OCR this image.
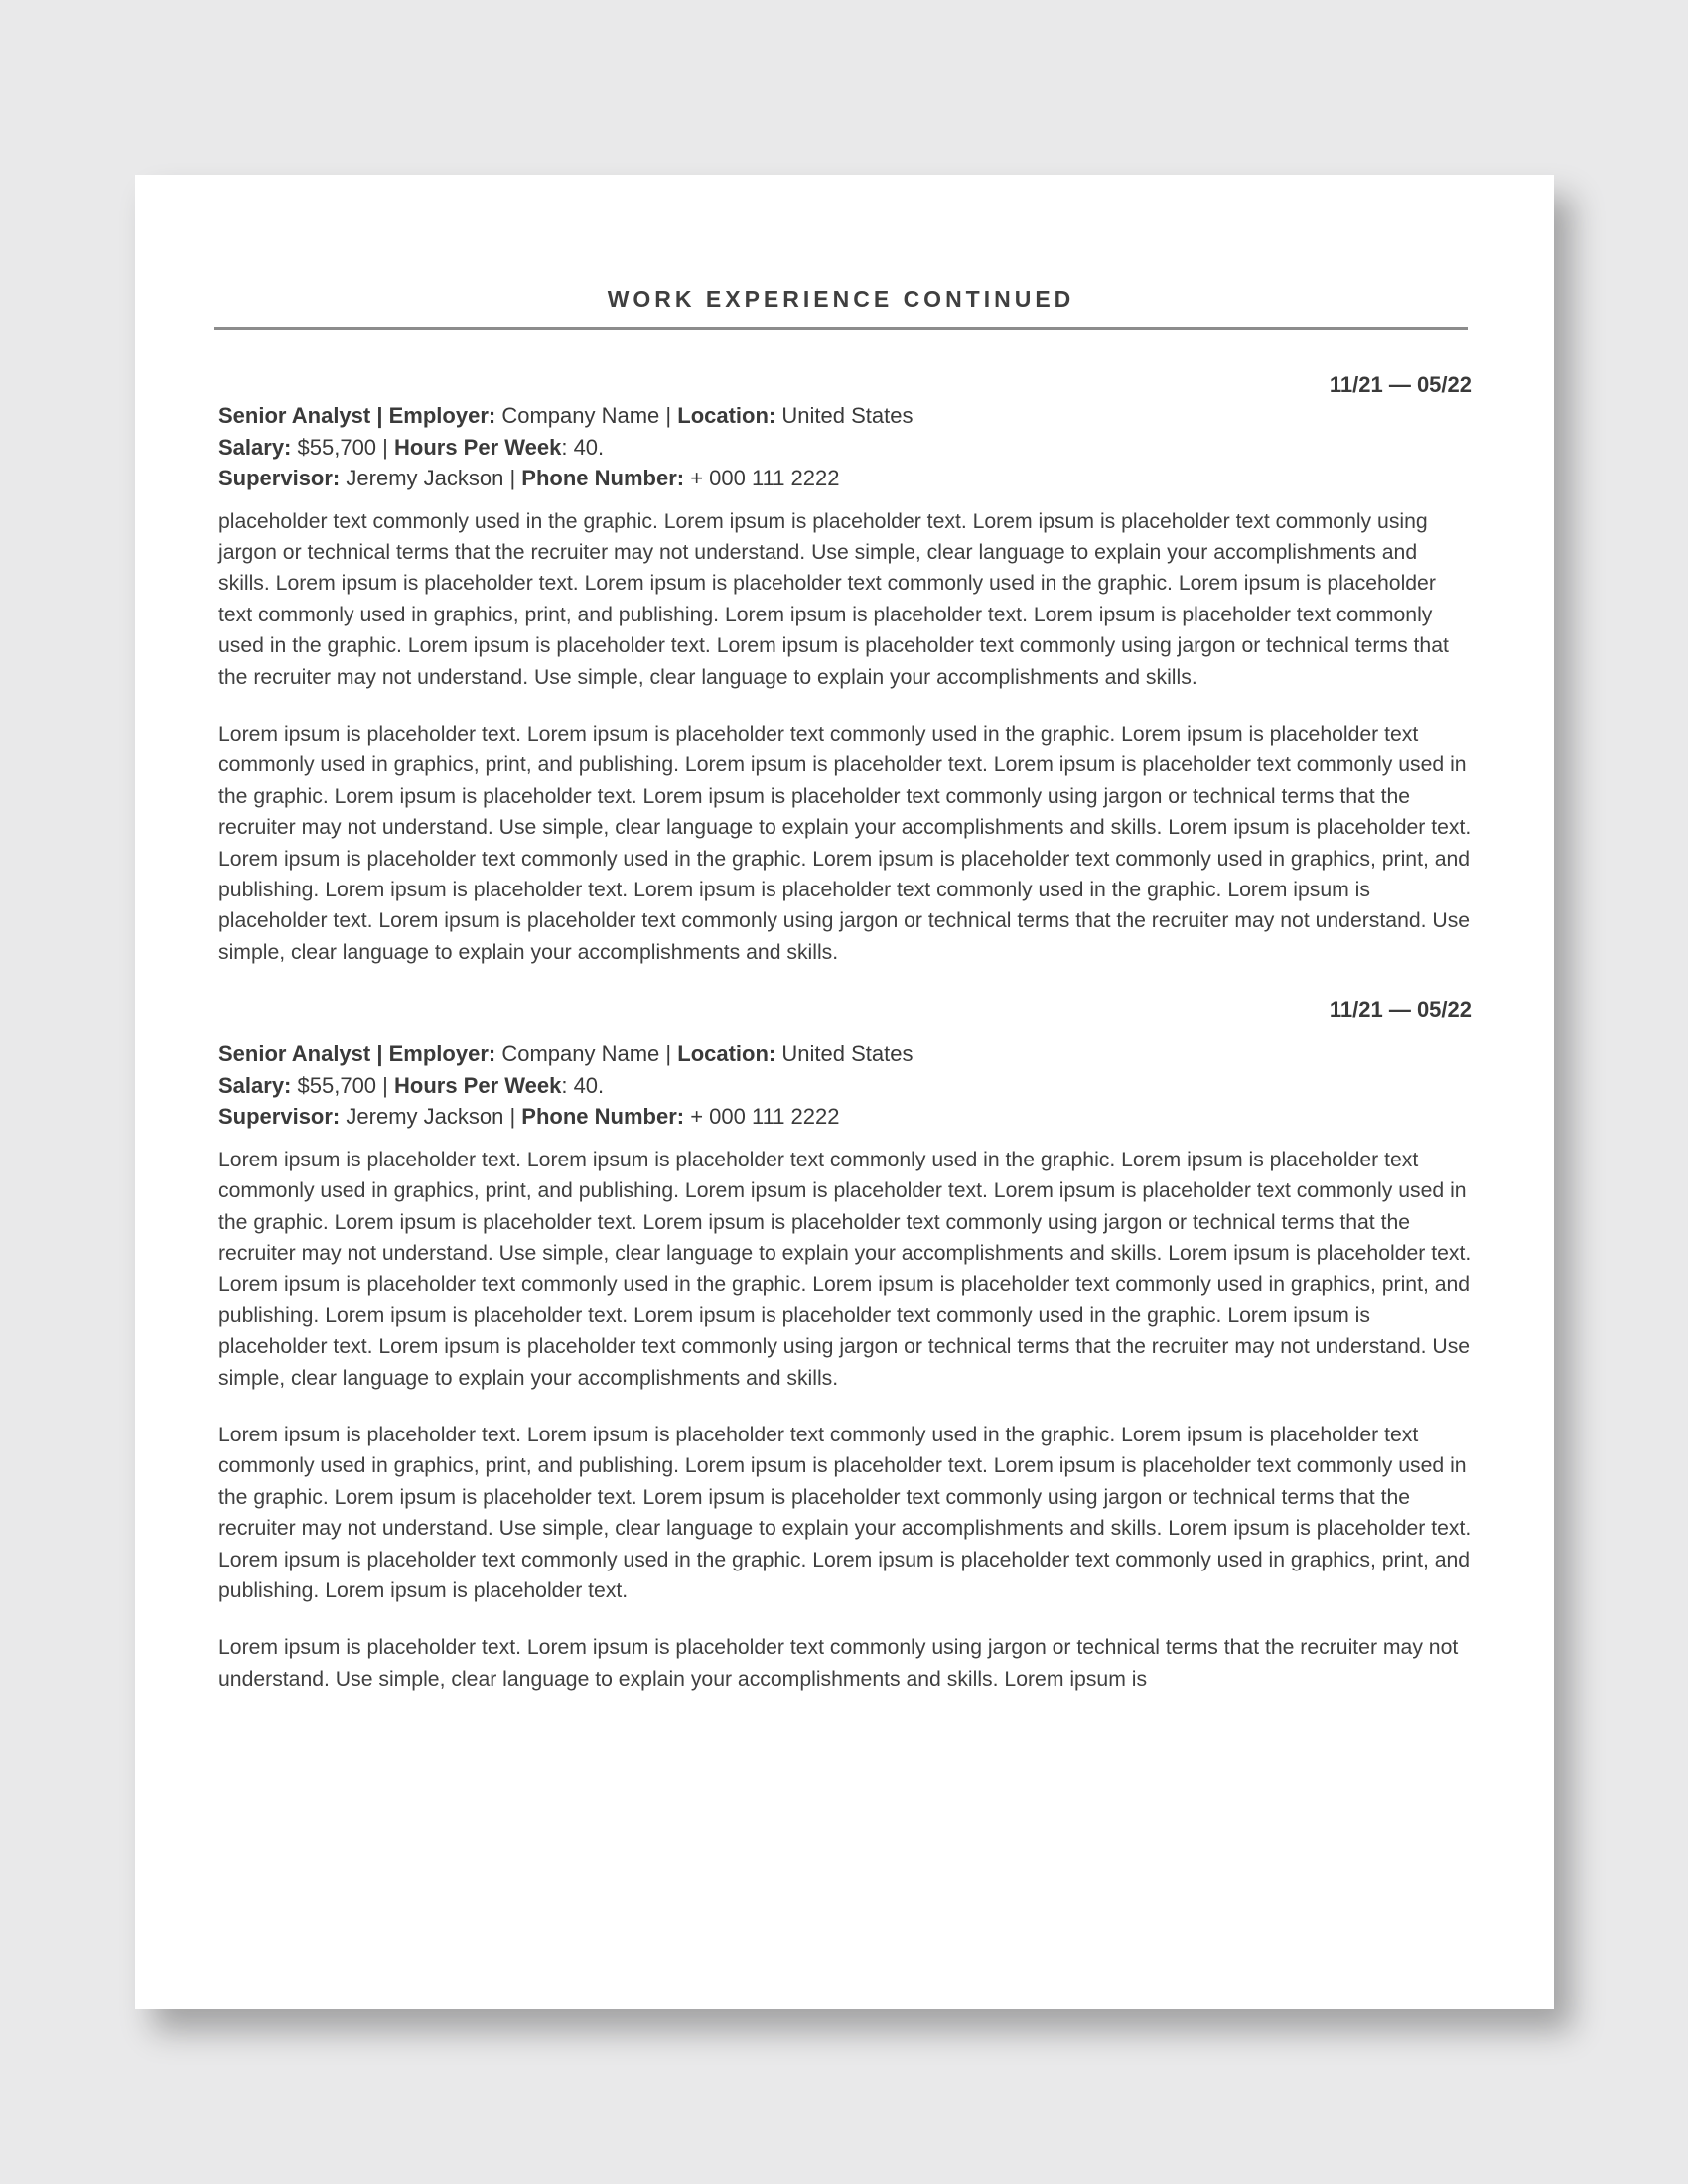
WORK EXPERIENCE CONTINUED
11/21 — 05/22
Senior Analyst | Employer: Company Name | Location: United States
Salary: $55,700 | Hours Per Week: 40.
Supervisor: Jeremy Jackson | Phone Number: + 000 111 2222

placeholder text commonly used in the graphic. Lorem ipsum is placeholder text. Lorem ipsum is placeholder text commonly using jargon or technical terms that the recruiter may not understand. Use simple, clear language to explain your accomplishments and skills. Lorem ipsum is placeholder text. Lorem ipsum is placeholder text commonly used in the graphic. Lorem ipsum is placeholder text commonly used in graphics, print, and publishing. Lorem ipsum is placeholder text. Lorem ipsum is placeholder text commonly used in the graphic. Lorem ipsum is placeholder text. Lorem ipsum is placeholder text commonly using jargon or technical terms that the recruiter may not understand. Use simple, clear language to explain your accomplishments and skills.

Lorem ipsum is placeholder text. Lorem ipsum is placeholder text commonly used in the graphic. Lorem ipsum is placeholder text commonly used in graphics, print, and publishing. Lorem ipsum is placeholder text. Lorem ipsum is placeholder text commonly used in the graphic. Lorem ipsum is placeholder text. Lorem ipsum is placeholder text commonly using jargon or technical terms that the recruiter may not understand. Use simple, clear language to explain your accomplishments and skills. Lorem ipsum is placeholder text. Lorem ipsum is placeholder text commonly used in the graphic. Lorem ipsum is placeholder text commonly used in graphics, print, and publishing. Lorem ipsum is placeholder text. Lorem ipsum is placeholder text commonly used in the graphic. Lorem ipsum is placeholder text. Lorem ipsum is placeholder text commonly using jargon or technical terms that the recruiter may not understand. Use simple, clear language to explain your accomplishments and skills.

11/21 — 05/22
Senior Analyst | Employer: Company Name | Location: United States
Salary: $55,700 | Hours Per Week: 40.
Supervisor: Jeremy Jackson | Phone Number: + 000 111 2222

Lorem ipsum is placeholder text. Lorem ipsum is placeholder text commonly used in the graphic. Lorem ipsum is placeholder text commonly used in graphics, print, and publishing. Lorem ipsum is placeholder text. Lorem ipsum is placeholder text commonly used in the graphic. Lorem ipsum is placeholder text. Lorem ipsum is placeholder text commonly using jargon or technical terms that the recruiter may not understand. Use simple, clear language to explain your accomplishments and skills. Lorem ipsum is placeholder text. Lorem ipsum is placeholder text commonly used in the graphic. Lorem ipsum is placeholder text commonly used in graphics, print, and publishing. Lorem ipsum is placeholder text. Lorem ipsum is placeholder text commonly used in the graphic. Lorem ipsum is placeholder text. Lorem ipsum is placeholder text commonly using jargon or technical terms that the recruiter may not understand. Use simple, clear language to explain your accomplishments and skills.

Lorem ipsum is placeholder text. Lorem ipsum is placeholder text commonly used in the graphic. Lorem ipsum is placeholder text commonly used in graphics, print, and publishing. Lorem ipsum is placeholder text. Lorem ipsum is placeholder text commonly used in the graphic. Lorem ipsum is placeholder text. Lorem ipsum is placeholder text commonly using jargon or technical terms that the recruiter may not understand. Use simple, clear language to explain your accomplishments and skills. Lorem ipsum is placeholder text. Lorem ipsum is placeholder text commonly used in the graphic. Lorem ipsum is placeholder text commonly used in graphics, print, and publishing. Lorem ipsum is placeholder text.

Lorem ipsum is placeholder text. Lorem ipsum is placeholder text commonly using jargon or technical terms that the recruiter may not understand. Use simple, clear language to explain your accomplishments and skills. Lorem ipsum is
